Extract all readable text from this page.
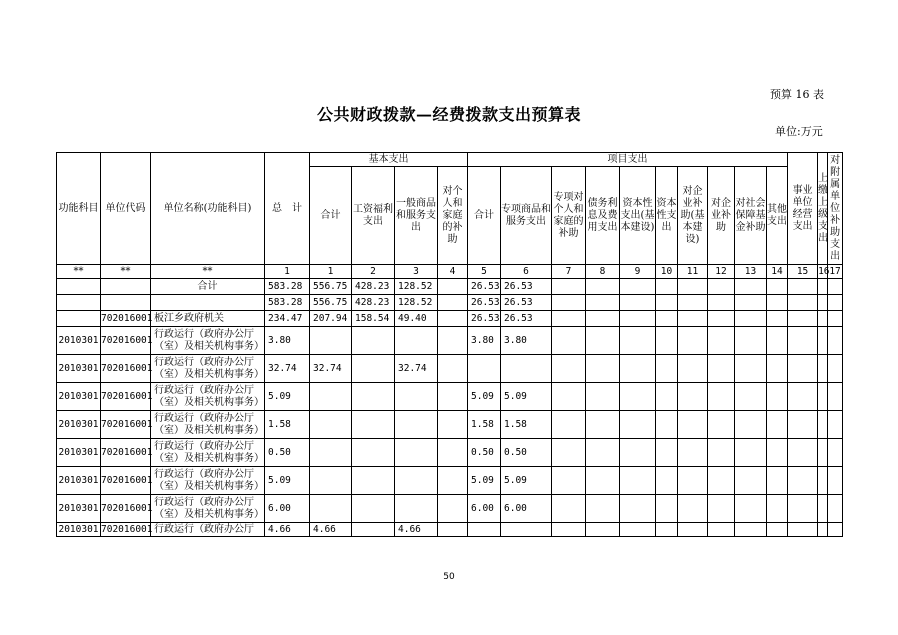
预算 16 表
公共财政拨款—经费拨款支出预算表
单位:万元
功能科目	单位代码	单位名称(功能科目)	总　计	基本支出				项目支出										事业单位经营支出	上缴上级支出	对附属单位补助支出
				合计	工资福利支出	一般商品和服务支出	对个人和家庭的补助	合计	专项商品和服务支出	专项对个人和家庭的补助	债务利息及费用支出	资本性支出(基本建设)	资本性支出	对企业补助(基本建设)	对企业补助	对社会保障基金补助	其他支出			
**	**	**	1	1	2	3	4	5	6	7	8	9	10	11	12	13	14	15	16	17
		合计	583.28	556.75	428.23	128.52		26.53	26.53											
			583.28	556.75	428.23	128.52		26.53	26.53											
	702016001	板江乡政府机关	234.47	207.94	158.54	49.40		26.53	26.53											
2010301	702016001	行政运行（政府办公厅（室）及相关机构事务）	3.80					3.80	3.80											
2010301	702016001	行政运行（政府办公厅（室）及相关机构事务）	32.74	32.74		32.74														
2010301	702016001	行政运行（政府办公厅（室）及相关机构事务）	5.09					5.09	5.09											
2010301	702016001	行政运行（政府办公厅（室）及相关机构事务）	1.58					1.58	1.58											
2010301	702016001	行政运行（政府办公厅（室）及相关机构事务）	0.50					0.50	0.50											
2010301	702016001	行政运行（政府办公厅（室）及相关机构事务）	5.09					5.09	5.09											
2010301	702016001	行政运行（政府办公厅（室）及相关机构事务）	6.00					6.00	6.00											
2010301	702016001	行政运行（政府办公厅	4.66	4.66		4.66														
50
